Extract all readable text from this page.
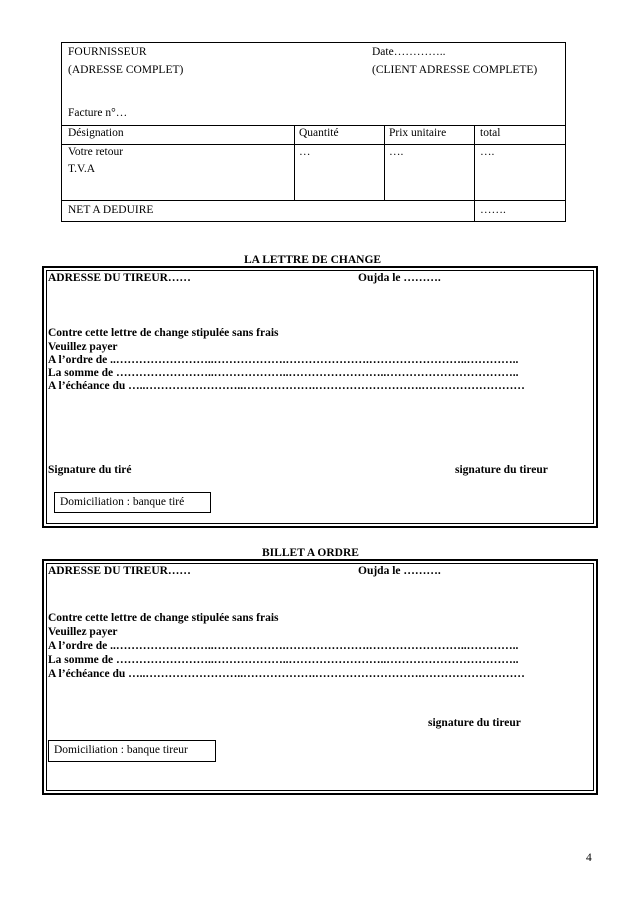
FOURNISSEUR
(ADRESSE COMPLET)
Date…………..
(CLIENT ADRESSE COMPLETE)
Facture n°…
Désignation	Quantité	Prix unitaire	total
Votre retour
T.V.A
…	….	….
NET A DEDUIRE	…….
LA LETTRE DE CHANGE
ADRESSE DU TIREUR……	Oujda le ……….
Contre cette lettre de change stipulée sans frais
Veuillez payer
A l’ordre de ..……………………..……………….………………….……………………..…………..
La somme de ……………………..………………..……………………..……………………………..
A l’échéance du …..……………………..……………….……………………….………………………
Signature du tiré	signature du tireur
Domiciliation : banque tiré
BILLET A ORDRE
ADRESSE DU TIREUR……	Oujda le ……….
Contre cette lettre de change stipulée sans frais
Veuillez payer
A l’ordre de ..……………………..……………….………………….……………………..…………..
La somme de ……………………..………………..……………………..……………………………..
A l’échéance du …..……………………..……………….……………………….………………………
signature du tireur
Domiciliation : banque tireur
4
